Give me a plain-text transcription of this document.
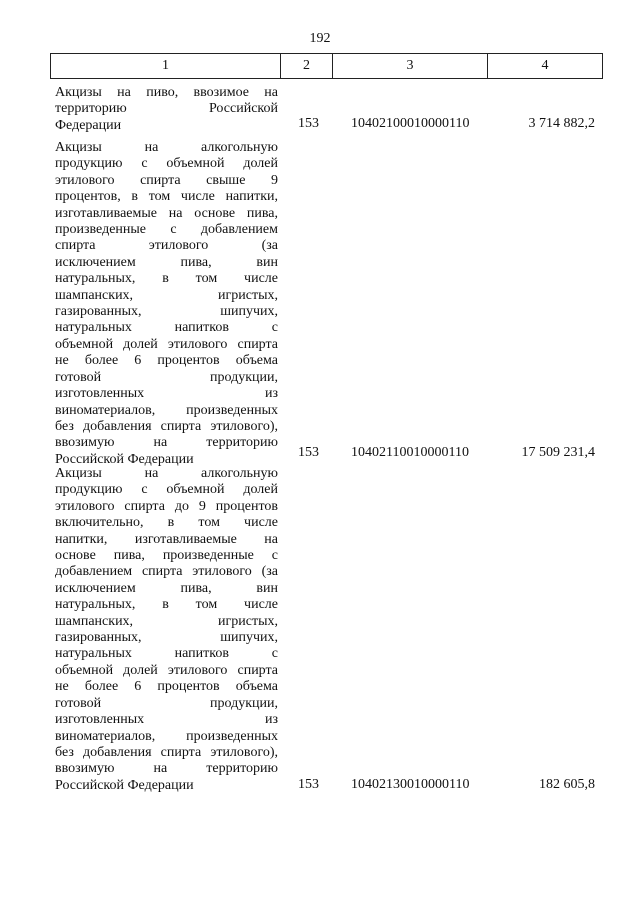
192
1	2	3	4
Акцизы на пиво, ввозимое на
территорию Российской
Федерации	153 10402100010000110	3 714 882,2
Акцизы на алкогольную
продукцию с объемной долей
этилового спирта свыше 9
процентов, в том числе напитки,
изготавливаемые на основе пива,
произведенные с добавлением
спирта этилового (за
исключением пива, вин
натуральных, в том числе
шампанских, игристых,
газированных, шипучих,
натуральных напитков с
объемной долей этилового спирта
не более 6 процентов объема
готовой продукции,
изготовленных из
виноматериалов, произведенных
без добавления спирта этилового),
ввозимую на территорию
Российской Федерации	153 10402110010000110	17 509 231,4
Акцизы на алкогольную
продукцию с объемной долей
этилового спирта до 9 процентов
включительно, в том числе
напитки, изготавливаемые на
основе пива, произведенные с
добавлением спирта этилового (за
исключением пива, вин
натуральных, в том числе
шампанских, игристых,
газированных, шипучих,
натуральных напитков с
объемной долей этилового спирта
не более 6 процентов объема
готовой продукции,
изготовленных из
виноматериалов, произведенных
без добавления спирта этилового),
ввозимую на территорию
Российской Федерации	153 10402130010000110	182 605,8
